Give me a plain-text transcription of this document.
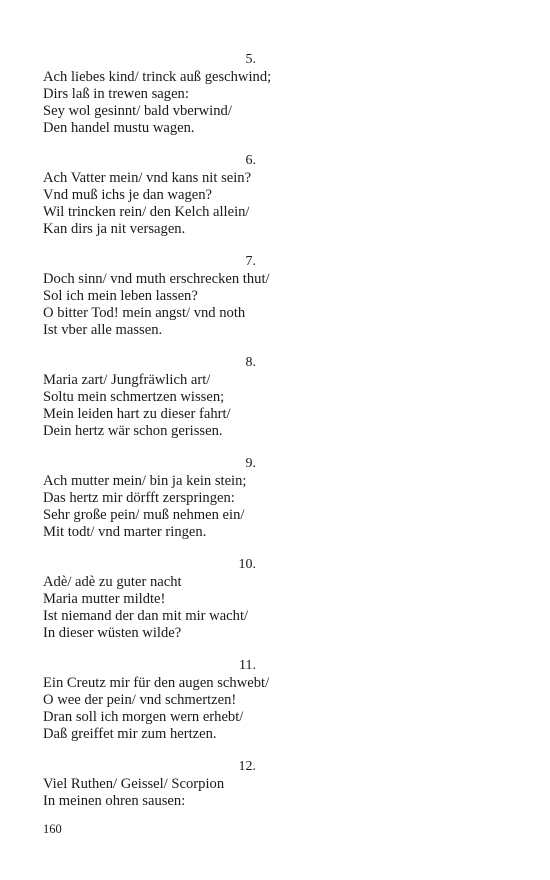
5.
Ach liebes kind/ trinck auß geschwind;
Dirs laß in trewen sagen:
Sey wol gesinnt/ bald vberwind/
Den handel mustu wagen.
6.
Ach Vatter mein/ vnd kans nit sein?
Vnd muß ichs je dan wagen?
Wil trincken rein/ den Kelch allein/
Kan dirs ja nit versagen.
7.
Doch sinn/ vnd muth erschrecken thut/
Sol ich mein leben lassen?
O bitter Tod! mein angst/ vnd noth
Ist vber alle massen.
8.
Maria zart/ Jungfräwlich art/
Soltu mein schmertzen wissen;
Mein leiden hart zu dieser fahrt/
Dein hertz wär schon gerissen.
9.
Ach mutter mein/ bin ja kein stein;
Das hertz mir dörfft zerspringen:
Sehr große pein/ muß nehmen ein/
Mit todt/ vnd marter ringen.
10.
Adè/ adè zu guter nacht
Maria mutter mildte!
Ist niemand der dan mit mir wacht/
In dieser wüsten wilde?
11.
Ein Creutz mir für den augen schwebt/
O wee der pein/ vnd schmertzen!
Dran soll ich morgen wern erhebt/
Daß greiffet mir zum hertzen.
12.
Viel Ruthen/ Geissel/ Scorpion
In meinen ohren sausen:
160
